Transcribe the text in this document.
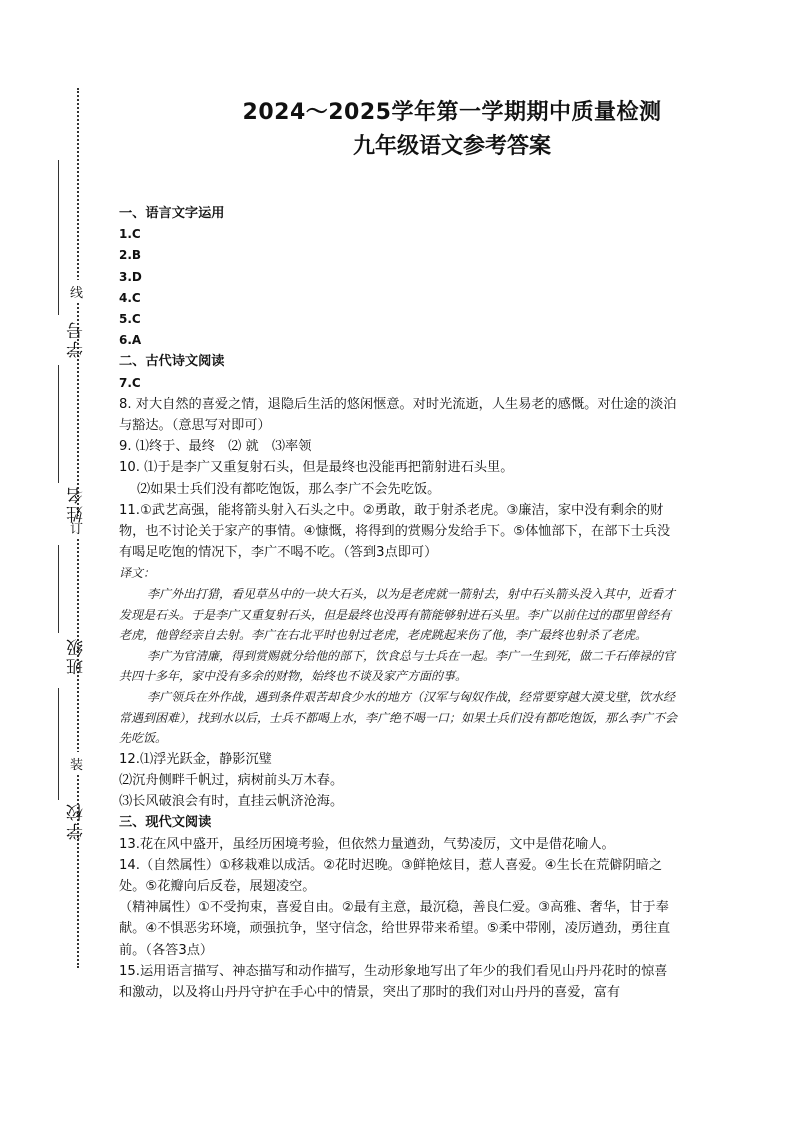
线
订
装
学号
姓名
班级
学校
2024～2025学年第一学期期中质量检测
九年级语文参考答案

一、语言文字运用

1.C

2.B

3.D

4.C

5.C

6.A

二、古代诗文阅读

7.C

8. 对大自然的喜爱之情，退隐后生活的悠闲惬意。对时光流逝，人生易老的感慨。对仕途的淡泊与豁达。（意思写对即可）

9. ⑴终于、最终　⑵ 就　⑶率领

10. ⑴于是李广又重复射石头，但是最终也没能再把箭射进石头里。

⑵如果士兵们没有都吃饱饭，那么李广不会先吃饭。

11.①武艺高强，能将箭头射入石头之中。②勇敢，敢于射杀老虎。③廉洁，家中没有剩余的财物，也不讨论关于家产的事情。④慷慨，将得到的赏赐分发给手下。⑤体恤部下，在部下士兵没有喝足吃饱的情况下，李广不喝不吃。（答到3点即可）

译文：

李广外出打猎，看见草丛中的一块大石头，以为是老虎就一箭射去，射中石头箭头没入其中，近看才发现是石头。于是李广又重复射石头，但是最终也没再有箭能够射进石头里。李广以前住过的郡里曾经有老虎，他曾经亲自去射。李广在右北平时也射过老虎，老虎跳起来伤了他，李广最终也射杀了老虎。

李广为官清廉，得到赏赐就分给他的部下，饮食总与士兵在一起。李广一生到死，做二千石俸禄的官共四十多年，家中没有多余的财物，始终也不谈及家产方面的事。

李广领兵在外作战，遇到条件艰苦却食少水的地方（汉军与匈奴作战，经常要穿越大漠戈壁，饮水经常遇到困难），找到水以后，士兵不都喝上水，李广绝不喝一口；如果士兵们没有都吃饱饭，那么李广不会先吃饭。

12.⑴浮光跃金，静影沉璧

⑵沉舟侧畔千帆过，病树前头万木春。

⑶长风破浪会有时，直挂云帆济沧海。

三、现代文阅读

13.花在风中盛开，虽经历困境考验，但依然力量遒劲，气势凌厉，文中是借花喻人。

14.（自然属性）①移栽难以成活。②花时迟晚。③鲜艳炫目，惹人喜爱。④生长在荒僻阴暗之处。⑤花瓣向后反卷，展翅凌空。

（精神属性）①不受拘束，喜爱自由。②最有主意，最沉稳，善良仁爱。③高雅、奢华，甘于奉献。④不惧恶劣环境，顽强抗争，坚守信念，给世界带来希望。⑤柔中带刚，凌厉遒劲，勇往直前。（各答3点）

15.运用语言描写、神态描写和动作描写，生动形象地写出了年少的我们看见山丹丹花时的惊喜和激动，以及将山丹丹守护在手心中的情景，突出了那时的我们对山丹丹的喜爱，富有
